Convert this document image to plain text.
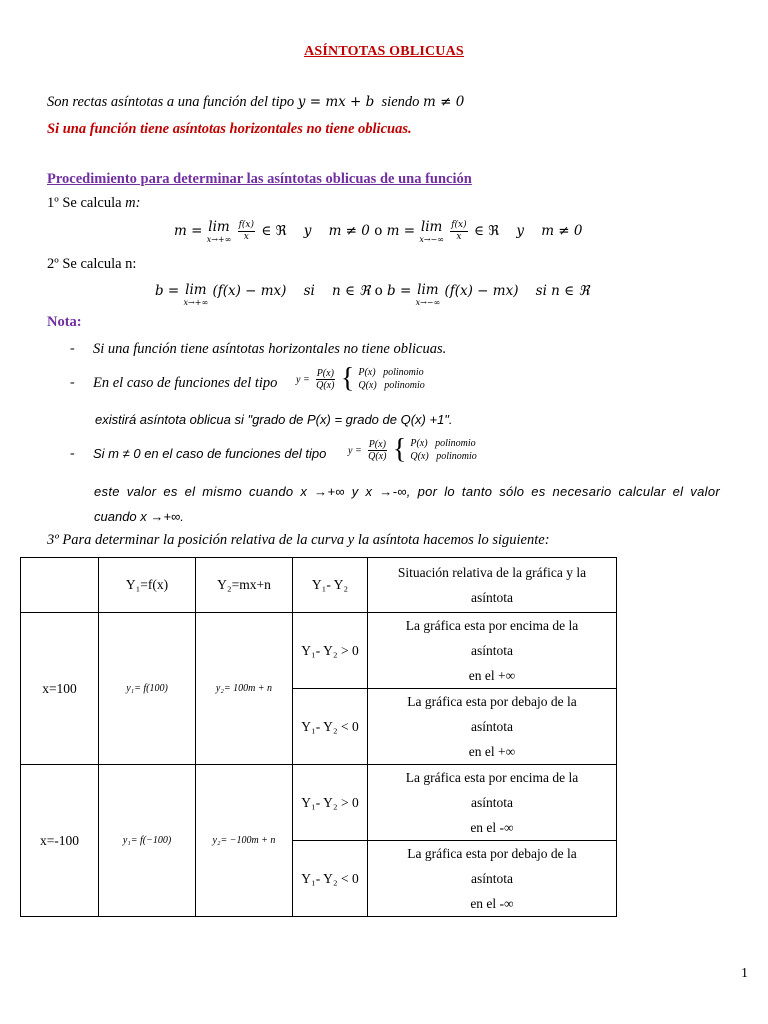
ASÍNTOTAS OBLICUAS
Son rectas asíntotas a una función del tipo y = mx + b siendo m ≠ 0
Si una función tiene asíntotas horizontales no tiene oblicuas.
Procedimiento para determinar las asíntotas oblicuas de una función
1º Se calcula m:
m = lim
x→+∞
$\frac{f(x)}{x}$ ∈ ℜ y m ≠ 0 o m = lim
x→−∞
$\frac{f(x)}{x}$ ∈ ℜ y m ≠ 0
2º Se calcula n:
b = lim
x→+∞
(f(x) − mx) si n ∈ ℜ o b = lim
x→−∞
(f(x) − mx) si n ∈ ℜ
Nota:
- Si una función tiene asíntotas horizontales no tiene oblicuas.
- En el caso de funciones del tipo $y = \frac{P(x)}{Q(x)}$ { P(x) polinomio
Q(x) polinomio
existirá asíntota oblicua si "grado de P(x) = grado de Q(x) +1".
- Si m ≠ 0 en el caso de funciones del tipo $y = \frac{P(x)}{Q(x)}$ { P(x) polinomio
Q(x) polinomio
este valor es el mismo cuando x →+∞ y x →-∞, por lo tanto sólo es necesario calcular el valor
cuando x →+∞.
3º Para determinar la posición relativa de la curva y la asíntota hacemos lo siguiente:
	Y₁=f(x)	Y₂=mx+n	Y₁- Y₂	Situación relativa de la gráfica y la asíntota
x=100	y₁= f(100)	y₂= 100m + n	Y₁- Y₂ > 0	La gráfica esta por encima de la
asíntota
en el +∞
			Y₁- Y₂ < 0	La gráfica esta por debajo de la
asíntota
en el +∞
x=-100	y₁= f(−100)	y₂= −100m + n	Y₁- Y₂ > 0	La gráfica esta por encima de la
asíntota
en el -∞
			Y₁- Y₂ < 0	La gráfica esta por debajo de la
asíntota
en el -∞
1
